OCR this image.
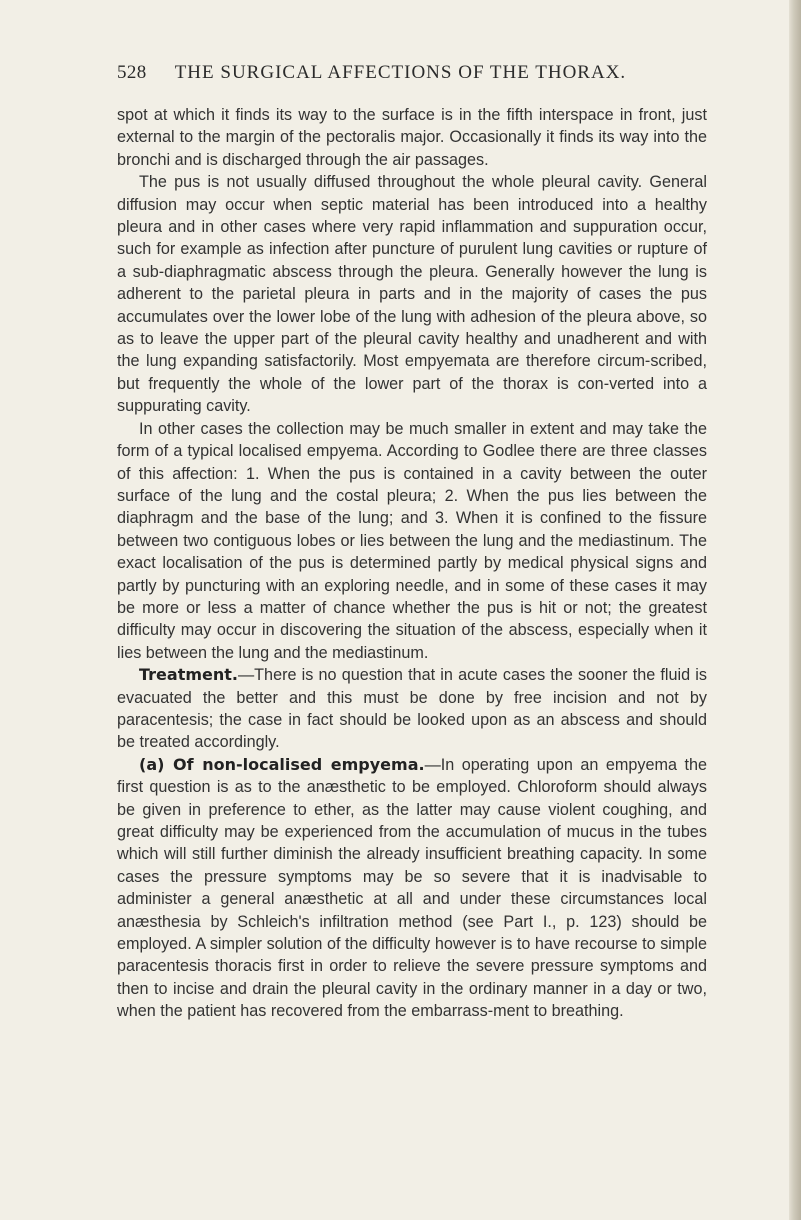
528 THE SURGICAL AFFECTIONS OF THE THORAX.

spot at which it finds its way to the surface is in the fifth interspace in front, just external to the margin of the pectoralis major. Occasionally it finds its way into the bronchi and is discharged through the air passages.

The pus is not usually diffused throughout the whole pleural cavity. General diffusion may occur when septic material has been introduced into a healthy pleura and in other cases where very rapid inflammation and suppuration occur, such for example as infection after puncture of purulent lung cavities or rupture of a sub-diaphragmatic abscess through the pleura. Generally however the lung is adherent to the parietal pleura in parts and in the majority of cases the pus accumulates over the lower lobe of the lung with adhesion of the pleura above, so as to leave the upper part of the pleural cavity healthy and unadherent and with the lung expanding satisfactorily. Most empyemata are therefore circum-scribed, but frequently the whole of the lower part of the thorax is con-verted into a suppurating cavity.

In other cases the collection may be much smaller in extent and may take the form of a typical localised empyema. According to Godlee there are three classes of this affection: 1. When the pus is contained in a cavity between the outer surface of the lung and the costal pleura; 2. When the pus lies between the diaphragm and the base of the lung; and 3. When it is confined to the fissure between two contiguous lobes or lies between the lung and the mediastinum. The exact localisation of the pus is determined partly by medical physical signs and partly by puncturing with an exploring needle, and in some of these cases it may be more or less a matter of chance whether the pus is hit or not; the greatest difficulty may occur in discovering the situation of the abscess, especially when it lies between the lung and the mediastinum.

Treatment.—There is no question that in acute cases the sooner the fluid is evacuated the better and this must be done by free incision and not by paracentesis; the case in fact should be looked upon as an abscess and should be treated accordingly.

(a) Of non-localised empyema.—In operating upon an empyema the first question is as to the anæsthetic to be employed. Chloroform should always be given in preference to ether, as the latter may cause violent coughing, and great difficulty may be experienced from the accumulation of mucus in the tubes which will still further diminish the already insufficient breathing capacity. In some cases the pressure symptoms may be so severe that it is inadvisable to administer a general anæsthetic at all and under these circumstances local anæsthesia by Schleich's infiltration method (see Part I., p. 123) should be employed. A simpler solution of the difficulty however is to have recourse to simple paracentesis thoracis first in order to relieve the severe pressure symptoms and then to incise and drain the pleural cavity in the ordinary manner in a day or two, when the patient has recovered from the embarrass-ment to breathing.
